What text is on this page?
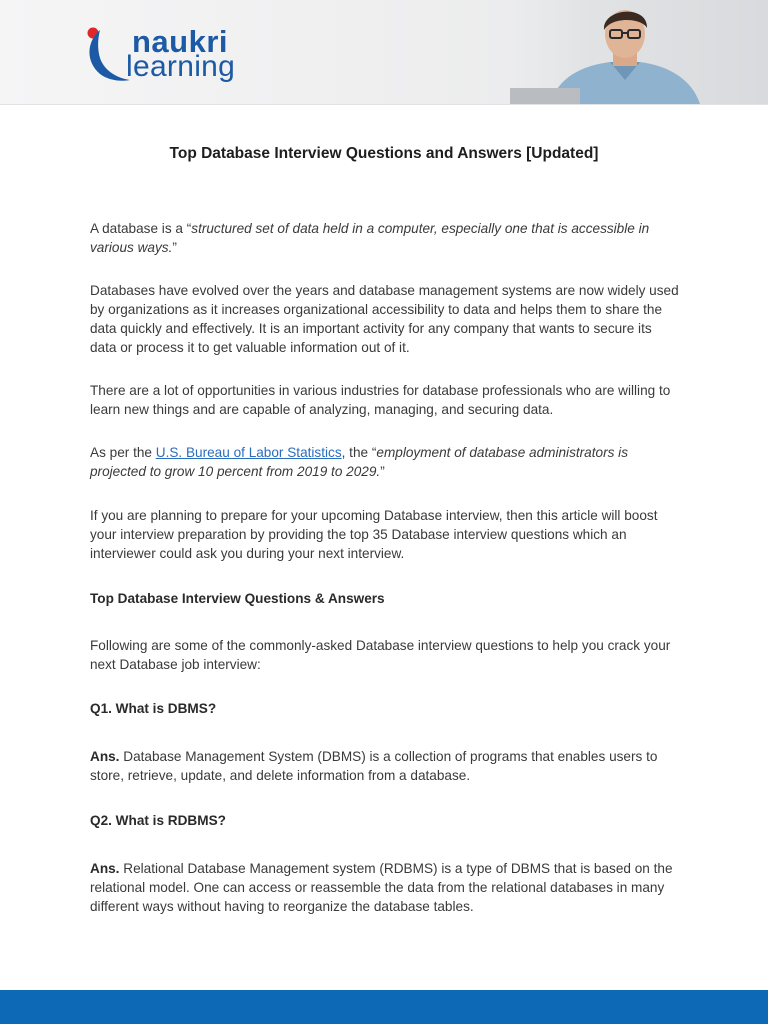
naukri
learning
Top Database Interview Questions and Answers [Updated]

A database is a “structured set of data held in a computer, especially one that is accessible in various ways.”

Databases have evolved over the years and database management systems are now widely used by organizations as it increases organizational accessibility to data and helps them to share the data quickly and effectively. It is an important activity for any company that wants to secure its data or process it to get valuable information out of it.

There are a lot of opportunities in various industries for database professionals who are willing to learn new things and are capable of analyzing, managing, and securing data.

As per the U.S. Bureau of Labor Statistics, the “employment of database administrators is projected to grow 10 percent from 2019 to 2029.”

If you are planning to prepare for your upcoming Database interview, then this article will boost your interview preparation by providing the top 35 Database interview questions which an interviewer could ask you during your next interview.

Top Database Interview Questions & Answers

Following are some of the commonly-asked Database interview questions to help you crack your next Database job interview:

Q1. What is DBMS?

Ans. Database Management System (DBMS) is a collection of programs that enables users to store, retrieve, update, and delete information from a database.

Q2. What is RDBMS?

Ans. Relational Database Management system (RDBMS) is a type of DBMS that is based on the relational model. One can access or reassemble the data from the relational databases in many different ways without having to reorganize the database tables.
